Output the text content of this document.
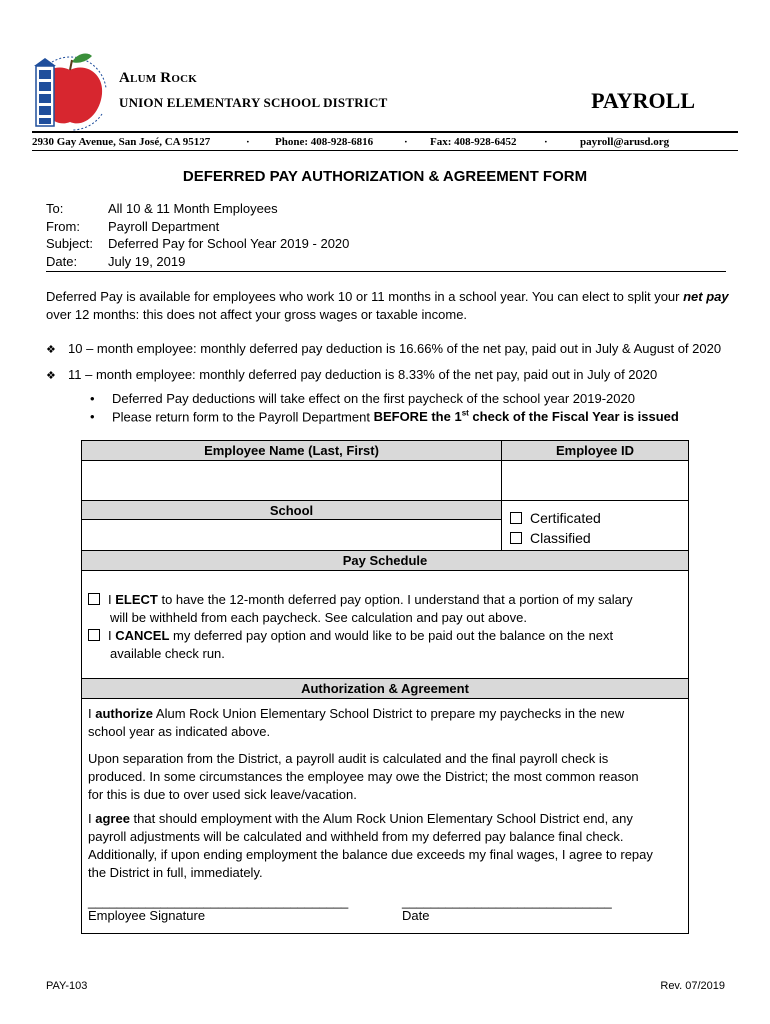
ALUM ROCK
UNION ELEMENTARY SCHOOL DISTRICT	PAYROLL
2930 Gay Avenue, San José, CA 95127	· Phone: 408-928-6816	· Fax: 408-928-6452	·	payroll@arusd.org
DEFERRED PAY AUTHORIZATION & AGREEMENT FORM
To:	All 10 & 11 Month Employees
From:	Payroll Department
Subject:	Deferred Pay for School Year 2019 - 2020
Date:	July 19, 2019
Deferred Pay is available for employees who work 10 or 11 months in a school year. You can elect to split your net pay over 12 months: this does not affect your gross wages or taxable income.
❖ 10 – month employee: monthly deferred pay deduction is 16.66% of the net pay, paid out in July & August of 2020
❖ 11 – month employee: monthly deferred pay deduction is 8.33% of the net pay, paid out in July of 2020
• Deferred Pay deductions will take effect on the first paycheck of the school year 2019-2020
• Please return form to the Payroll Department BEFORE the 1st check of the Fiscal Year is issued
Employee Name (Last, First)	Employee ID
School	Certificated
Classified
Pay Schedule
I ELECT to have the 12-month deferred pay option. I understand that a portion of my salary
will be withheld from each paycheck. See calculation and pay out above.
I CANCEL my deferred pay option and would like to be paid out the balance on the next
available check run.
Authorization & Agreement
I authorize Alum Rock Union Elementary School District to prepare my paychecks in the new
school year as indicated above.
Upon separation from the District, a payroll audit is calculated and the final payroll check is
produced. In some circumstances the employee may owe the District; the most common reason
for this is due to over used sick leave/vacation.
I agree that should employment with the Alum Rock Union Elementary School District end, any
payroll adjustments will be calculated and withheld from my deferred pay balance final check.
Additionally, if upon ending employment the balance due exceeds my final wages, I agree to repay
the District in full, immediately.
____________________________________
Employee Signature
_____________________________
Date
PAY-103	Rev. 07/2019
